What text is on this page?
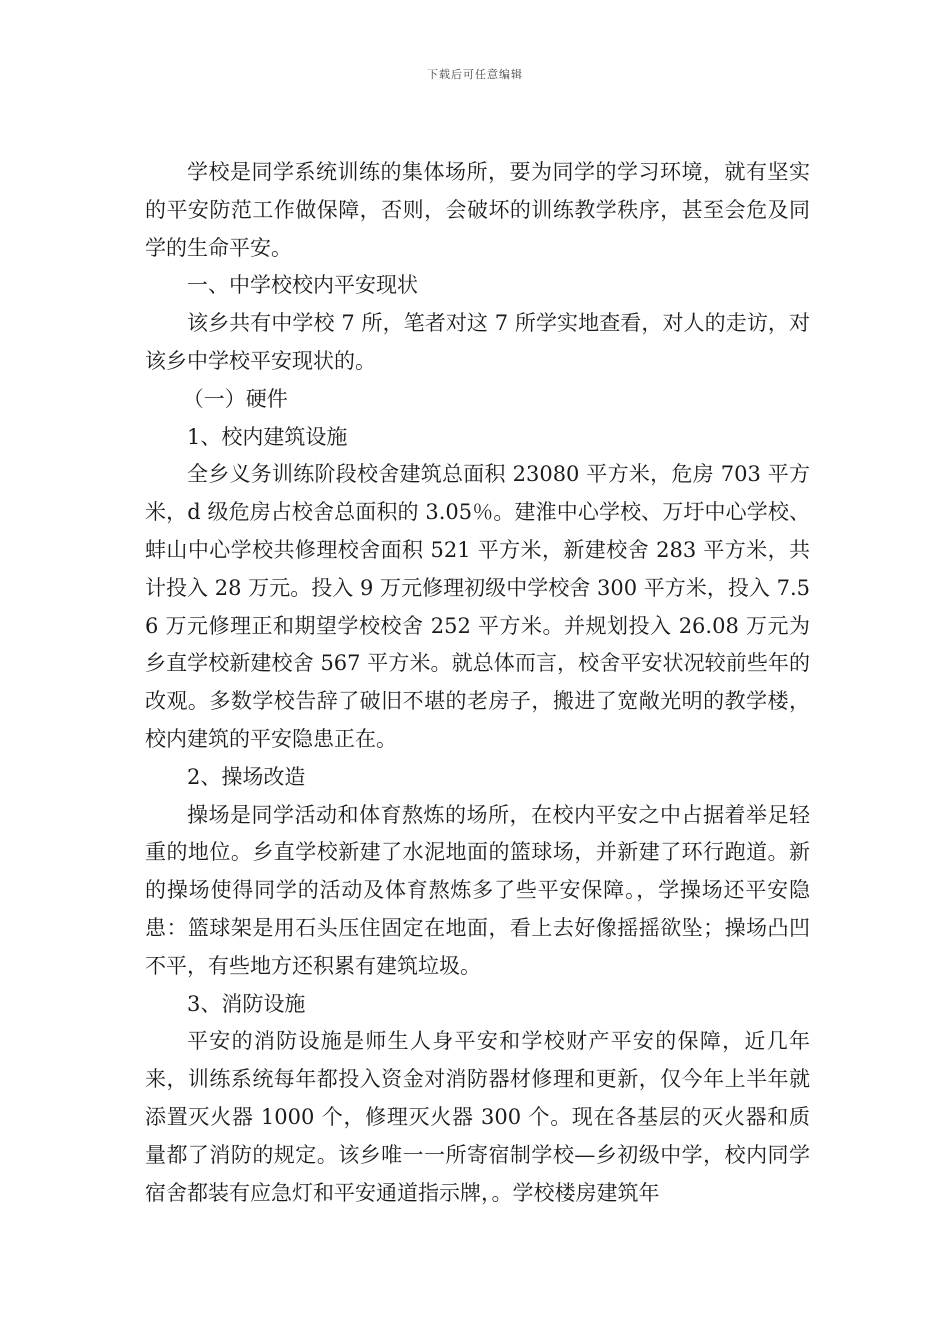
下载后可任意编辑

学校是同学系统训练的集体场所，要为同学的学习环境，就有坚实的平安防范工作做保障，否则，会破坏的训练教学秩序，甚至会危及同学的生命平安。

一、中学校校内平安现状

该乡共有中学校 7 所，笔者对这 7 所学实地查看，对人的走访，对该乡中学校平安现状的。

（一）硬件

1、校内建筑设施

全乡义务训练阶段校舍建筑总面积 23080 平方米，危房 703 平方米，d 级危房占校舍总面积的 3.05％。建淮中心学校、万圩中心学校、蚌山中心学校共修理校舍面积 521 平方米，新建校舍 283 平方米，共计投入 28 万元。投入 9 万元修理初级中学校舍 300 平方米，投入 7.56 万元修理正和期望学校校舍 252 平方米。并规划投入 26.08 万元为乡直学校新建校舍 567 平方米。就总体而言，校舍平安状况较前些年的改观。多数学校告辞了破旧不堪的老房子，搬进了宽敞光明的教学楼，校内建筑的平安隐患正在。

2、操场改造

操场是同学活动和体育熬炼的场所，在校内平安之中占据着举足轻重的地位。乡直学校新建了水泥地面的篮球场，并新建了环行跑道。新的操场使得同学的活动及体育熬炼多了些平安保障。，学操场还平安隐患：篮球架是用石头压住固定在地面，看上去好像摇摇欲坠；操场凸凹不平，有些地方还积累有建筑垃圾。

3、消防设施

平安的消防设施是师生人身平安和学校财产平安的保障，近几年来，训练系统每年都投入资金对消防器材修理和更新，仅今年上半年就添置灭火器 1000 个，修理灭火器 300 个。现在各基层的灭火器和质量都了消防的规定。该乡唯一一所寄宿制学校—乡初级中学，校内同学宿舍都装有应急灯和平安通道指示牌，。学校楼房建筑年
